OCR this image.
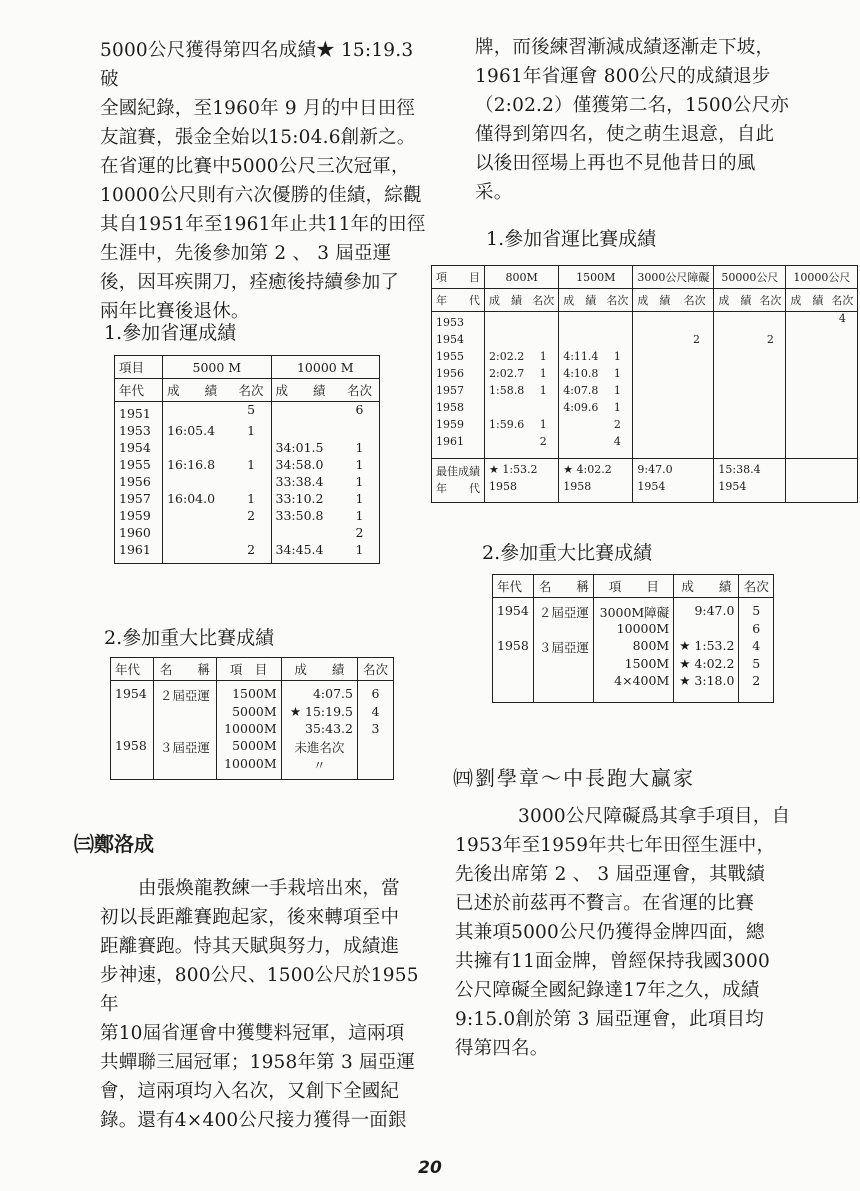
5000公尺獲得第四名成績★ 15:19.3破

全國紀錄，至1960年 9 月的中日田徑

友誼賽，張金全始以15:04.6創新之。

在省運的比賽中5000公尺三次冠軍，

10000公尺則有六次優勝的佳績，綜觀

其自1951年至1961年止共11年的田徑

生涯中，先後參加第 2 、 3 屆亞運

後，因耳疾開刀，痊癒後持續參加了

兩年比賽後退休。

1.參加省運成績

項目	5000 M		10000 M	
年代	成　　績	名次	成　　績	名次
1951		5		6
1953	16:05.4	1		
1954			34:01.5	1
1955	16:16.8	1	34:58.0	1
1956			33:38.4	1
1957	16:04.0	1	33:10.2	1
1959		2	33:50.8	1
1960				2
1961		2	34:45.4	1

2.參加重大比賽成績

年代	名　　稱	項　目	成　　績	名次
1954	２屆亞運	1500M	4:07.5	6
		5000M	★ 15:19.5	4
		10000M	35:43.2	3
1958	３屆亞運	5000M	未進名次	
		10000M	〃	

㈢鄭洛成

由張煥龍教練一手栽培出來，當

初以長距離賽跑起家，後來轉項至中

距離賽跑。恃其天賦與努力，成績進

步神速，800公尺、1500公尺於1955年

第10屆省運會中獲雙料冠軍，這兩項

共蟬聯三屆冠軍；1958年第 3 屆亞運

會，這兩項均入名次，又創下全國紀

錄。還有4×400公尺接力獲得一面銀

牌，而後練習漸減成績逐漸走下坡，

1961年省運會 800公尺的成績退步

（2:02.2）僅獲第二名，1500公尺亦

僅得到第四名，使之萌生退意，自此

以後田徑場上再也不見他昔日的風

采。

1.參加省運比賽成績

項　　目	800M		1500M		3000公尺障礙		50000公尺		10000公尺	
年　　代	成　績	名次	成　績	名次	成　績	名次	成　績	名次	成　績	名次
1953										4
1954						2		2		
1955	2:02.2	1	4:11.4	1						
1956	2:02.7	1	4:10.8	1						
1957	1:58.8	1	4:07.8	1						
1958			4:09.6	1						
1959	1:59.6	1		2						
1961		2		4						
最佳成績	★ 1:53.2		★ 4:02.2		9:47.0		15:38.4			
年　　代	1958		1958		1954		1954			

2.參加重大比賽成績

年代	名　　稱	項　　目	成　　績	名次
1954	２屆亞運	3000M障礙	9:47.0	5
		10000M		6
1958	３屆亞運	800M	★ 1:53.2	4
		1500M	★ 4:02.2	5
		4×400M	★ 3:18.0	2

㈣劉學章～中長跑大贏家

3000公尺障礙爲其拿手項目，自

1953年至1959年共七年田徑生涯中，

先後出席第 2 、 3 屆亞運會，其戰績

已述於前茲再不贅言。在省運的比賽

其兼項5000公尺仍獲得金牌四面，總

共擁有11面金牌，曾經保持我國3000

公尺障礙全國紀錄達17年之久，成績

9:15.0創於第 3 屆亞運會，此項目均

得第四名。

20
